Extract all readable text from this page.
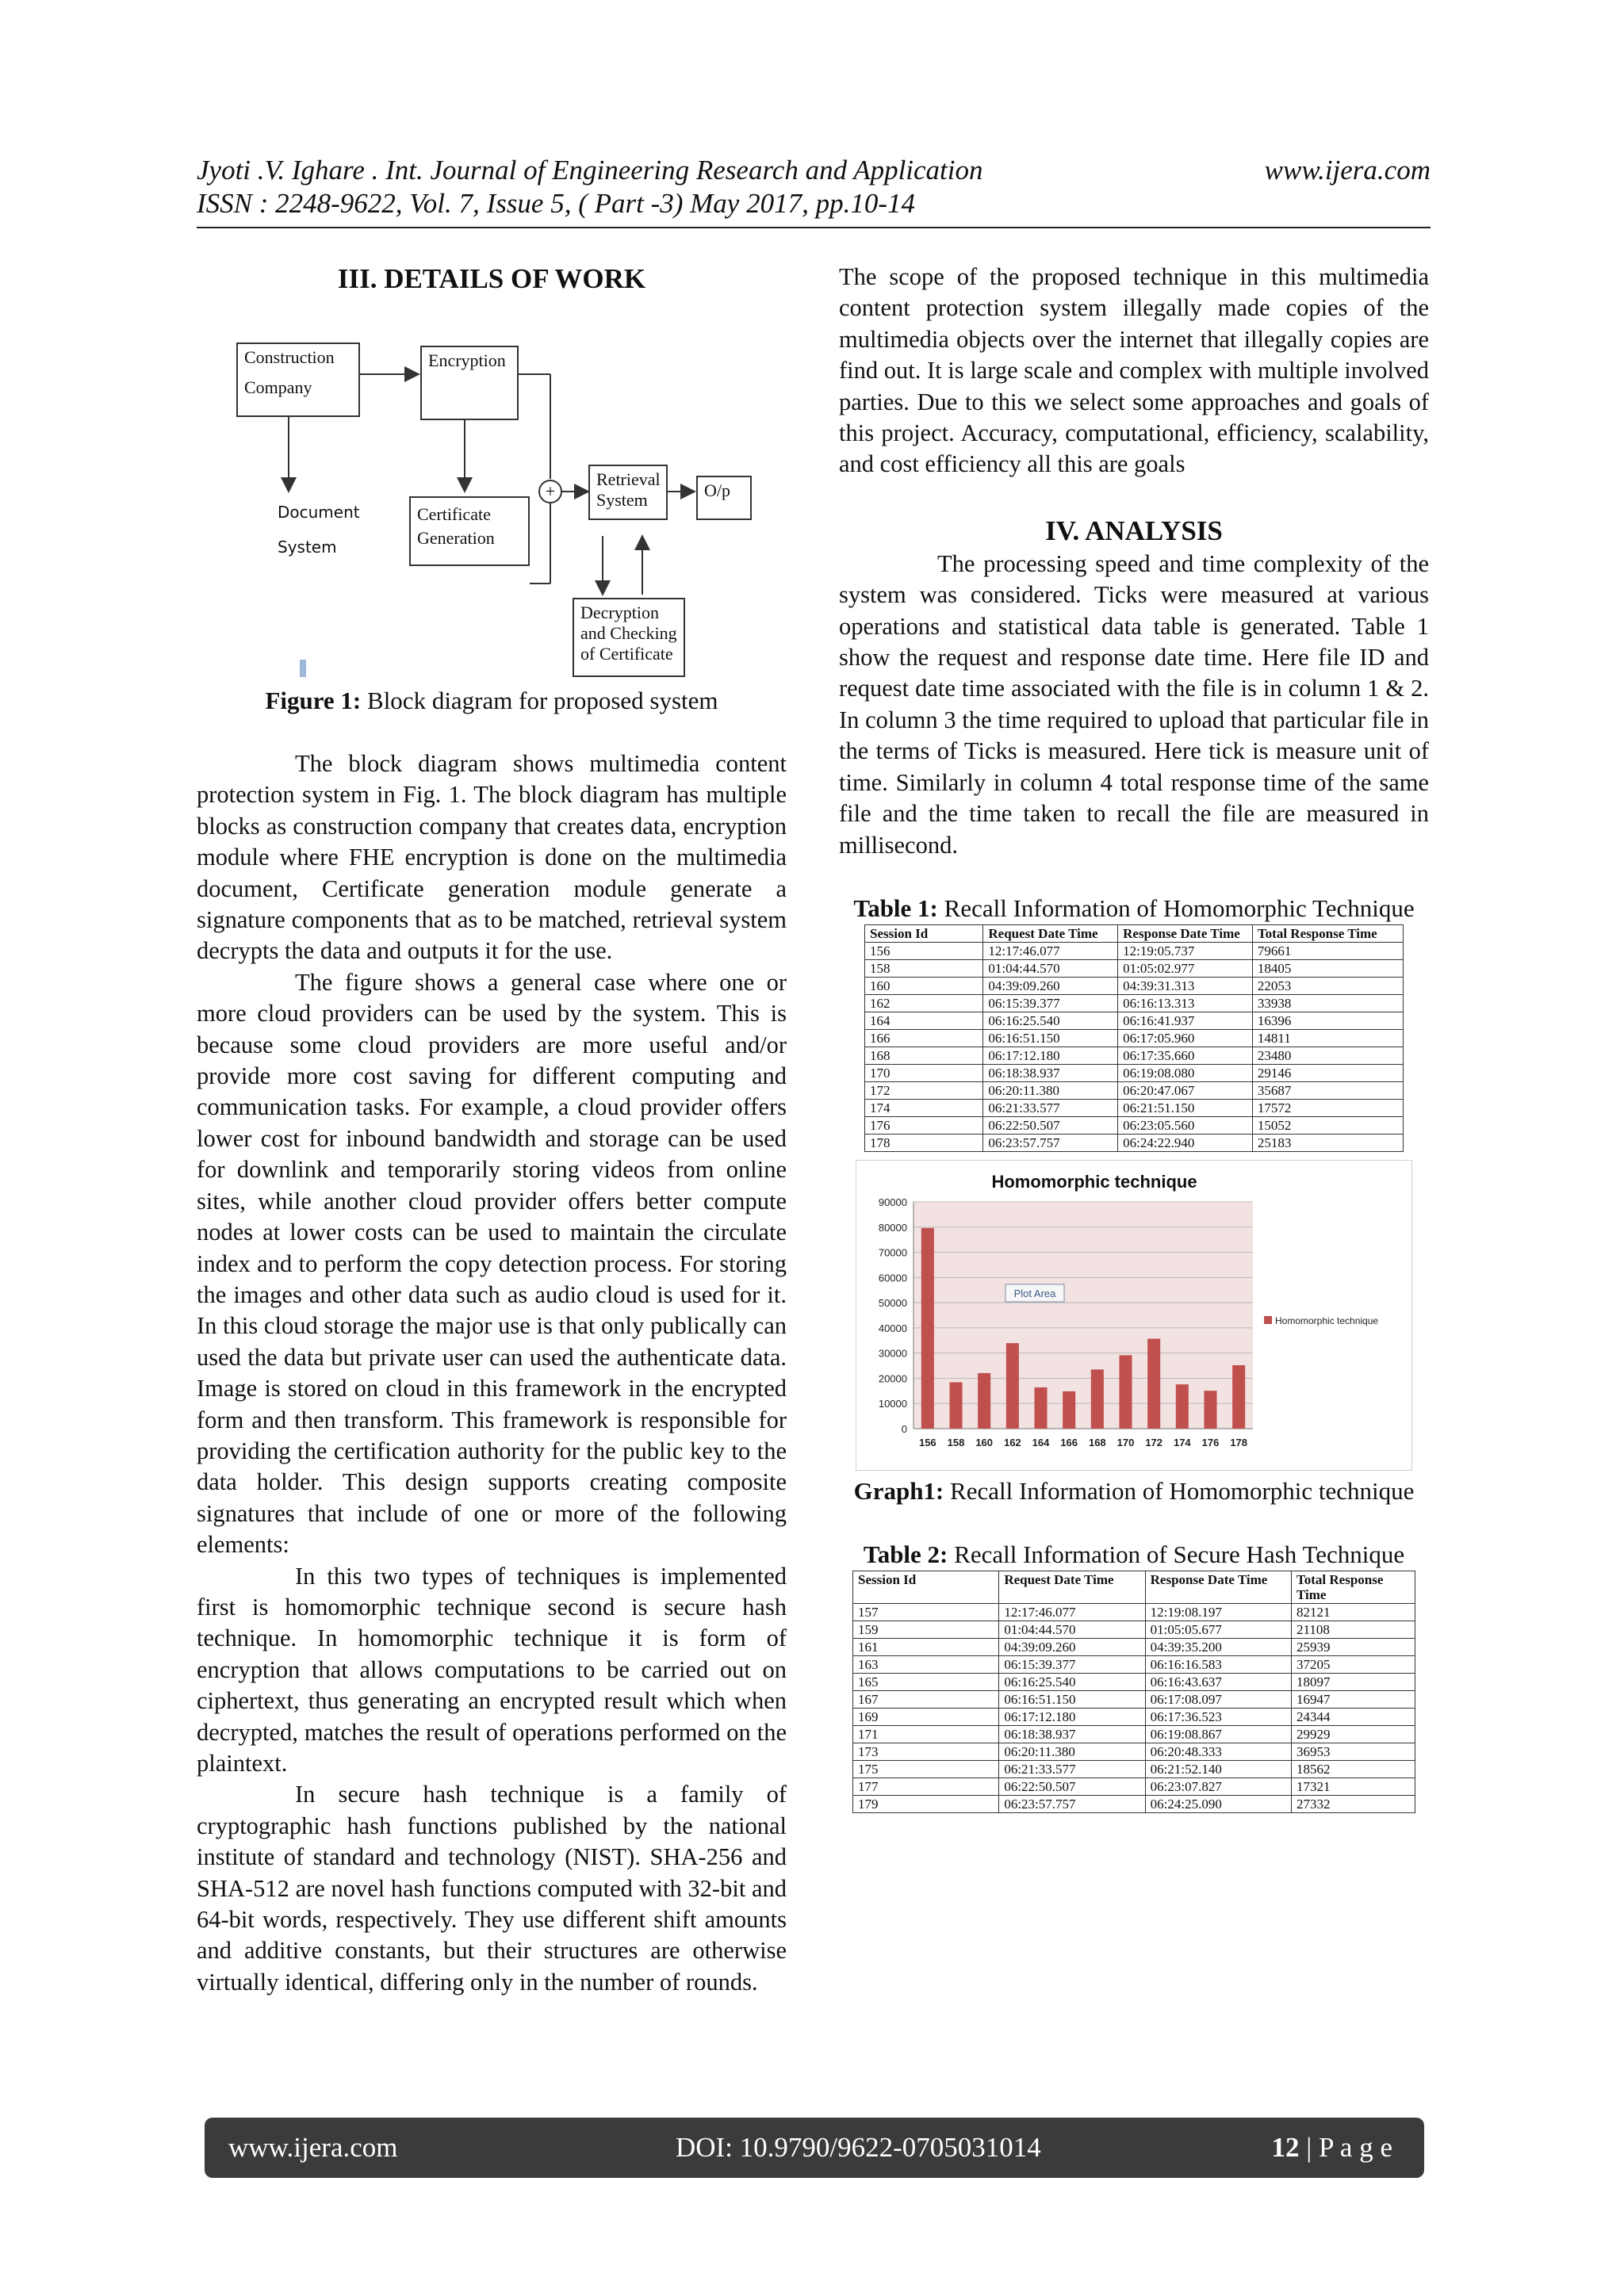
Jyoti .V. Ighare . Int. Journal of Engineering Research and Application
ISSN : 2248-9622, Vol. 7, Issue 5, ( Part -3) May 2017, pp.10-14
www.ijera.com
III. DETAILS OF WORK
Construction
Company
Encryption
+
Retrieval
System	O/p
Document
System
Certificate
Generation
Decryption
and Checking
of Certificate
Figure 1: Block diagram for proposed system

The block diagram shows multimedia content protection system in Fig. 1. The block diagram has multiple blocks as construction company that creates data, encryption module where FHE encryption is done on the multimedia document, Certificate generation module generate a signature components that as to be matched, retrieval system decrypts the data and outputs it for the use.

The figure shows a general case where one or more cloud providers can be used by the system. This is because some cloud providers are more useful and/or provide more cost saving for different computing and communication tasks. For example, a cloud provider offers lower cost for inbound bandwidth and storage can be used for downlink and temporarily storing videos from online sites, while another cloud provider offers better compute nodes at lower costs can be used to maintain the circulate index and to perform the copy detection process. For storing the images and other data such as audio cloud is used for it. In this cloud storage the major use is that only publically can used the data but private user can used the authenticate data. Image is stored on cloud in this framework in the encrypted form and then transform. This framework is responsible for providing the certification authority for the public key to the data holder. This design supports creating composite signatures that include of one or more of the following elements:

In this two types of techniques is implemented first is homomorphic technique second is secure hash technique. In homomorphic technique it is form of encryption that allows computations to be carried out on ciphertext, thus generating an encrypted result which when decrypted, matches the result of operations performed on the plaintext.

In secure hash technique is a family of cryptographic hash functions published by the national institute of standard and technology (NIST). SHA-256 and SHA-512 are novel hash functions computed with 32-bit and 64-bit words, respectively. They use different shift amounts and additive constants, but their structures are otherwise virtually identical, differing only in the number of rounds.

The scope of the proposed technique in this multimedia content protection system illegally made copies of the multimedia objects over the internet that illegally copies are find out. It is large scale and complex with multiple involved parties. Due to this we select some approaches and goals of this project. Accuracy, computational, efficiency, scalability, and cost efficiency all this are goals

IV. ANALYSIS

The processing speed and time complexity of the system was considered. Ticks were measured at various operations and statistical data table is generated. Table 1 show the request and response date time. Here file ID and request date time associated with the file is in column 1 & 2. In column 3 the time required to upload that particular file in the terms of Ticks is measured. Here tick is measure unit of time. Similarly in column 4 total response time of the same file and the time taken to recall the file are measured in millisecond.

Table 1: Recall Information of Homomorphic Technique
Session Id	Request Date Time	Response Date Time	Total Response Time
156	12:17:46.077	12:19:05.737	79661
158	01:04:44.570	01:05:02.977	18405
160	04:39:09.260	04:39:31.313	22053
162	06:15:39.377	06:16:13.313	33938
164	06:16:25.540	06:16:41.937	16396
166	06:16:51.150	06:17:05.960	14811
168	06:17:12.180	06:17:35.660	23480
170	06:18:38.937	06:19:08.080	29146
172	06:20:11.380	06:20:47.067	35687
174	06:21:33.577	06:21:51.150	17572
176	06:22:50.507	06:23:05.560	15052
178	06:23:57.757	06:24:22.940	25183
Homomorphic technique
0
10000
20000
30000
40000
50000
60000
70000
80000
90000
156 158 160 162 164 166 168 170 172 174 176 178
Plot Area
Homomorphic technique
Graph1: Recall Information of Homomorphic technique
Table 2: Recall Information of Secure Hash Technique
Session Id	Request Date Time	Response Date Time	Total Response Time
157	12:17:46.077	12:19:08.197	82121
159	01:04:44.570	01:05:05.677	21108
161	04:39:09.260	04:39:35.200	25939
163	06:15:39.377	06:16:16.583	37205
165	06:16:25.540	06:16:43.637	18097
167	06:16:51.150	06:17:08.097	16947
169	06:17:12.180	06:17:36.523	24344
171	06:18:38.937	06:19:08.867	29929
173	06:20:11.380	06:20:48.333	36953
175	06:21:33.577	06:21:52.140	18562
177	06:22:50.507	06:23:07.827	17321
179	06:23:57.757	06:24:25.090	27332
www.ijera.com	DOI: 10.9790/9622-0705031014	12 | P a g e
